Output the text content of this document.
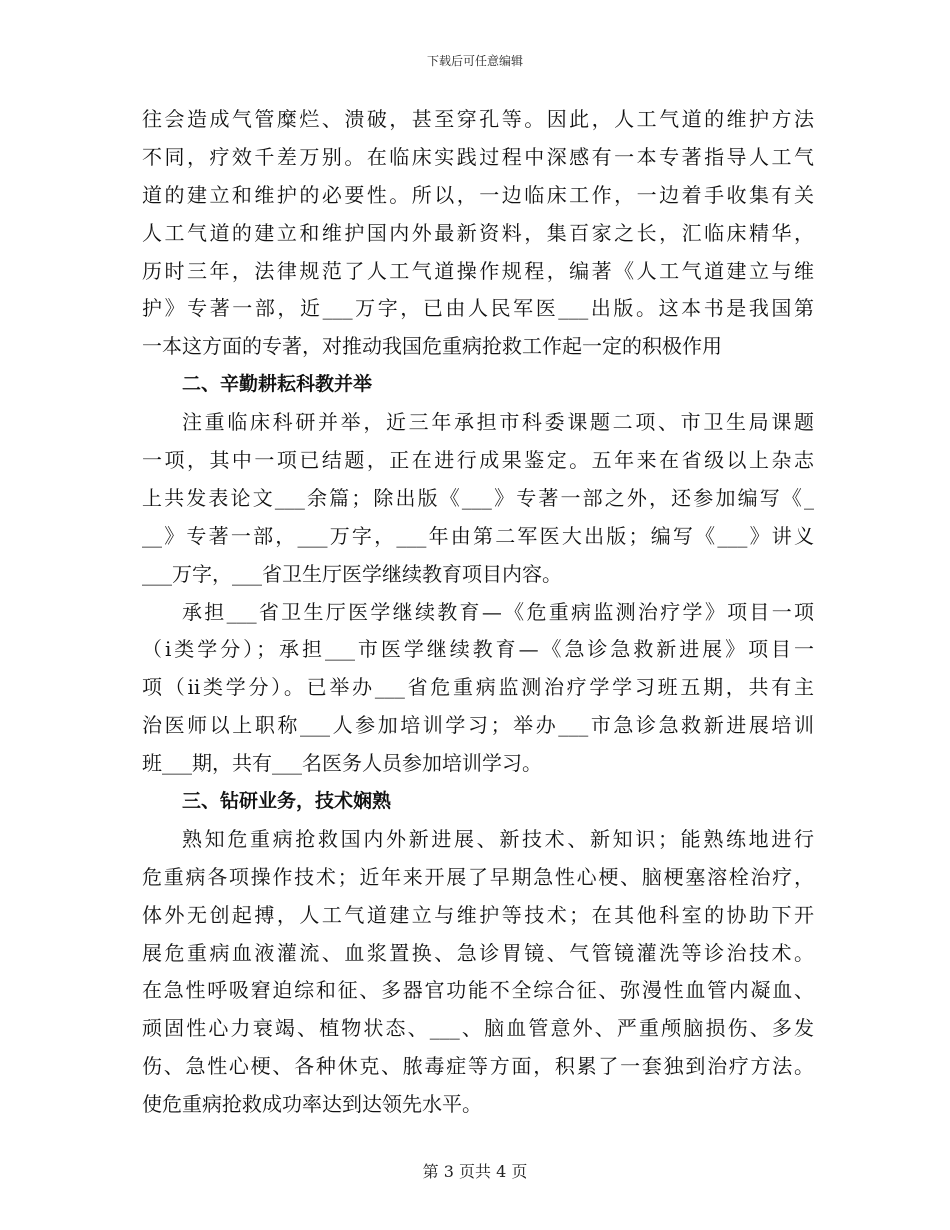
下载后可任意编辑
往会造成气管糜烂、溃破，甚至穿孔等。因此，人工气道的维护方法
不同，疗效千差万别。在临床实践过程中深感有一本专著指导人工气
道的建立和维护的必要性。所以，一边临床工作，一边着手收集有关
人工气道的建立和维护国内外最新资料，集百家之长，汇临床精华，
历时三年，法律规范了人工气道操作规程，编著《人工气道建立与维
护》专著一部，近___万字，已由人民军医___出版。这本书是我国第
一本这方面的专著，对推动我国危重病抢救工作起一定的积极作用
二、辛勤耕耘科教并举
注重临床科研并举，近三年承担市科委课题二项、市卫生局课题
一项，其中一项已结题，正在进行成果鉴定。五年来在省级以上杂志
上共发表论文___余篇；除出版《___》专著一部之外，还参加编写《_
__》专著一部，___万字，___年由第二军医大出版；编写《___》讲义
___万字，___省卫生厅医学继续教育项目内容。
承担___省卫生厅医学继续教育—《危重病监测治疗学》项目一项
（ⅰ类学分）；承担___市医学继续教育—《急诊急救新进展》项目一
项（ⅱ类学分）。已举办___省危重病监测治疗学学习班五期，共有主
治医师以上职称___人参加培训学习；举办___市急诊急救新进展培训
班___期，共有___名医务人员参加培训学习。
三、钻研业务，技术娴熟
熟知危重病抢救国内外新进展、新技术、新知识；能熟练地进行
危重病各项操作技术；近年来开展了早期急性心梗、脑梗塞溶栓治疗，
体外无创起搏，人工气道建立与维护等技术；在其他科室的协助下开
展危重病血液灌流、血浆置换、急诊胃镜、气管镜灌洗等诊治技术。
在急性呼吸窘迫综和征、多器官功能不全综合征、弥漫性血管内凝血、
顽固性心力衰竭、植物状态、___、脑血管意外、严重颅脑损伤、多发
伤、急性心梗、各种休克、脓毒症等方面，积累了一套独到治疗方法。
使危重病抢救成功率达到达领先水平。
第 3 页共 4 页
